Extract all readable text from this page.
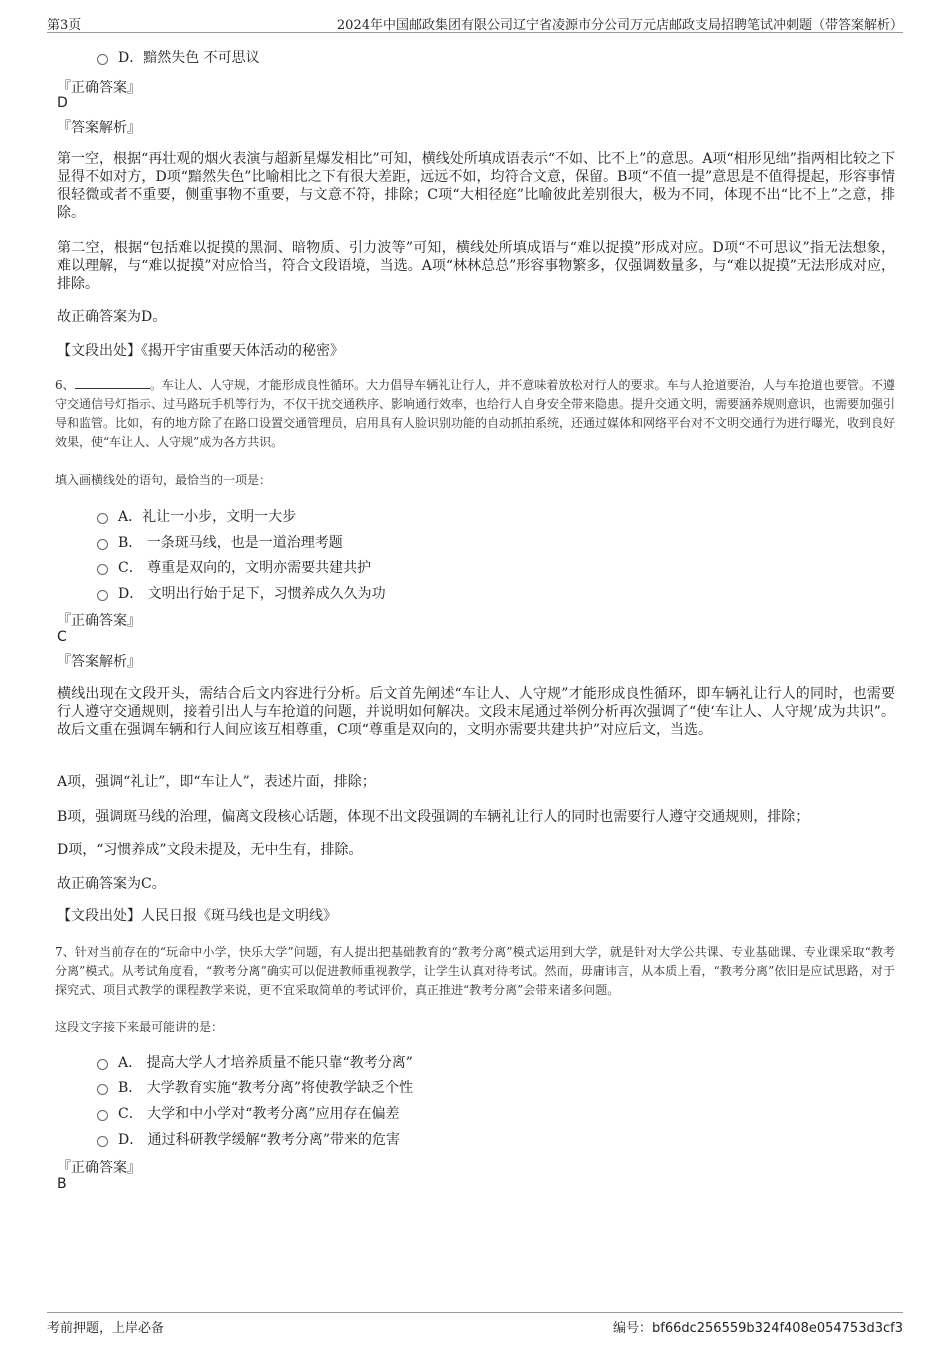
第3页	2024年中国邮政集团有限公司辽宁省凌源市分公司万元店邮政支局招聘笔试冲刺题（带答案解析）
D．黯然失色 不可思议
『正确答案』
D
『答案解析』
第一空，根据“再壮观的烟火表演与超新星爆发相比”可知，横线处所填成语表示“不如、比不上”的意思。A项“相形见绌”指两相比较之下显得不如对方，D项“黯然失色”比喻相比之下有很大差距，远远不如，均符合文意，保留。B项“不值一提”意思是不值得提起，形容事情很轻微或者不重要，侧重事物不重要，与文意不符，排除；C项“大相径庭”比喻彼此差别很大，极为不同，体现不出“比不上”之意，排除。
第二空，根据“包括难以捉摸的黑洞、暗物质、引力波等”可知，横线处所填成语与“难以捉摸”形成对应。D项“不可思议”指无法想象，难以理解，与“难以捉摸”对应恰当，符合文段语境，当选。A项“林林总总”形容事物繁多，仅强调数量多，与“难以捉摸”无法形成对应，排除。
故正确答案为D。
【文段出处】《揭开宇宙重要天体活动的秘密》
6、	。车让人、人守规，才能形成良性循环。大力倡导车辆礼让行人，并不意味着放松对行人的要求。车与人抢道要治，人与车抢道也要管。不遵守交通信号灯指示、过马路玩手机等行为，不仅干扰交通秩序、影响通行效率，也给行人自身安全带来隐患。提升交通文明，需要涵养规则意识，也需要加强引导和监管。比如，有的地方除了在路口设置交通管理员，启用具有人脸识别功能的自动抓拍系统，还通过媒体和网络平台对不文明交通行为进行曝光，收到良好效果，使“车让人、人守规”成为各方共识。
填入画横线处的语句，最恰当的一项是：
A．礼让一小步，文明一大步
B． 一条斑马线，也是一道治理考题
C． 尊重是双向的，文明亦需要共建共护
D． 文明出行始于足下，习惯养成久久为功
『正确答案』
C
『答案解析』
横线出现在文段开头，需结合后文内容进行分析。后文首先阐述“车让人、人守规”才能形成良性循环，即车辆礼让行人的同时，也需要行人遵守交通规则，接着引出人与车抢道的问题，并说明如何解决。文段末尾通过举例分析再次强调了“使‘车让人、人守规’成为共识”。故后文重在强调车辆和行人间应该互相尊重，C项“尊重是双向的，文明亦需要共建共护”对应后文，当选。
A项，强调“礼让”，即“车让人”，表述片面，排除；
B项，强调斑马线的治理，偏离文段核心话题，体现不出文段强调的车辆礼让行人的同时也需要行人遵守交通规则，排除；
D项，“习惯养成”文段未提及，无中生有，排除。
故正确答案为C。
【文段出处】人民日报《斑马线也是文明线》
7、针对当前存在的“玩命中小学，快乐大学”问题，有人提出把基础教育的“教考分离”模式运用到大学，就是针对大学公共课、专业基础课、专业课采取“教考分离”模式。从考试角度看，“教考分离”确实可以促进教师重视教学，让学生认真对待考试。然而，毋庸讳言，从本质上看，“教考分离”依旧是应试思路，对于探究式、项目式教学的课程教学来说，更不宜采取简单的考试评价，真正推进“教考分离”会带来诸多问题。
这段文字接下来最可能讲的是：
A． 提高大学人才培养质量不能只靠“教考分离”
B． 大学教育实施“教考分离”将使教学缺乏个性
C． 大学和中小学对“教考分离”应用存在偏差
D． 通过科研教学缓解“教考分离”带来的危害
『正确答案』
B
考前押题，上岸必备	编号：bf66dc256559b324f408e054753d3cf3
